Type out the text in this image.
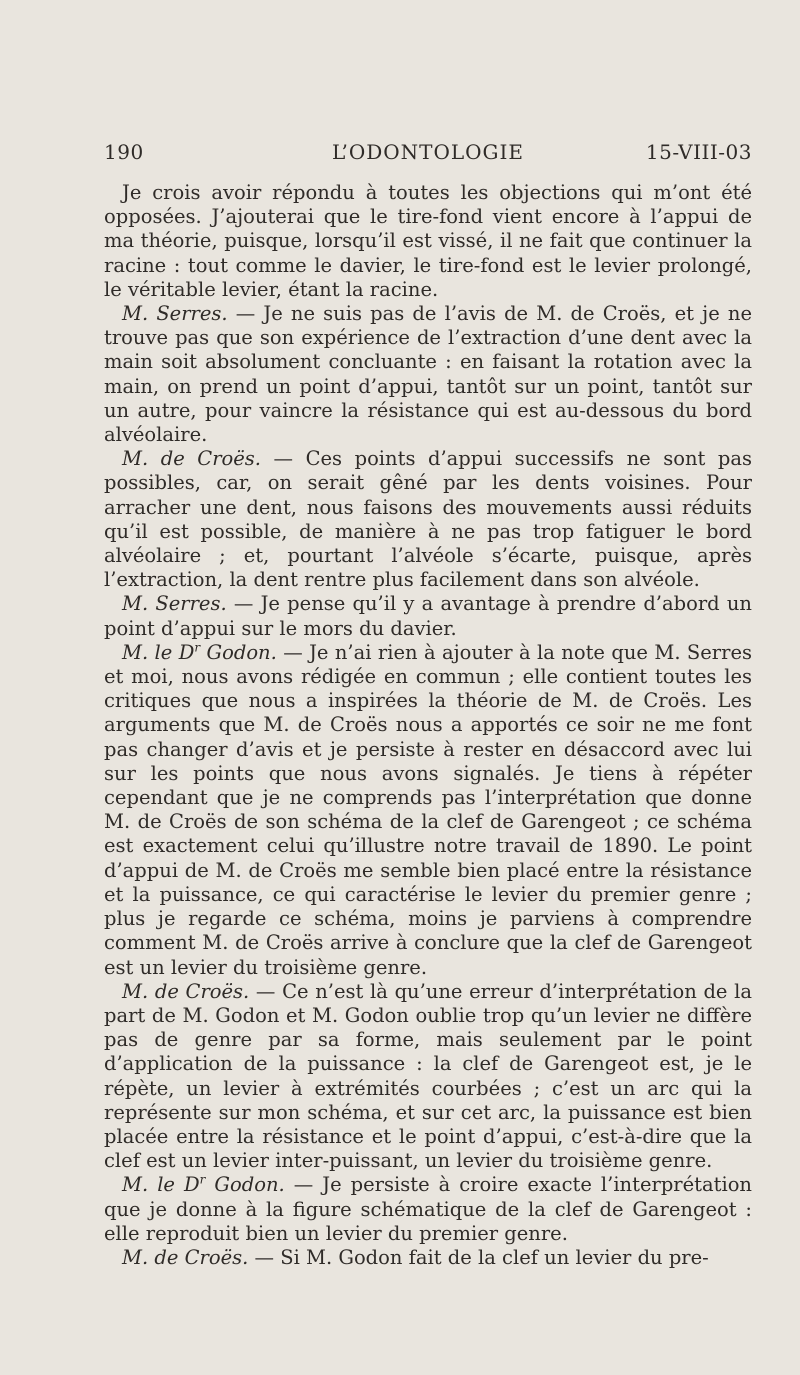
190	L’ODONTOLOGIE	15-VIII-03

Je crois avoir répondu à toutes les objections qui m’ont été opposées. J’ajouterai que le tire-fond vient encore à l’appui de ma théorie, puisque, lorsqu’il est vissé, il ne fait que continuer la racine : tout comme le davier, le tire-fond est le levier prolongé, le véritable levier, étant la racine.

M. Serres. — Je ne suis pas de l’avis de M. de Croës, et je ne trouve pas que son expérience de l’extraction d’une dent avec la main soit absolument concluante : en faisant la rotation avec la main, on prend un point d’appui, tantôt sur un point, tantôt sur un autre, pour vaincre la résistance qui est au-dessous du bord alvéolaire.

M. de Croës. — Ces points d’appui successifs ne sont pas possibles, car, on serait gêné par les dents voisines. Pour arracher une dent, nous faisons des mouvements aussi réduits qu’il est possible, de manière à ne pas trop fatiguer le bord alvéolaire ; et, pourtant l’alvéole s’écarte, puisque, après l’extraction, la dent rentre plus facilement dans son alvéole.

M. Serres. — Je pense qu’il y a avantage à prendre d’abord un point d’appui sur le mors du davier.

M. le $D^r$ Godon. — Je n’ai rien à ajouter à la note que M. Serres et moi, nous avons rédigée en commun ; elle contient toutes les critiques que nous a inspirées la théorie de M. de Croës. Les arguments que M. de Croës nous a apportés ce soir ne me font pas changer d’avis et je persiste à rester en désaccord avec lui sur les points que nous avons signalés. Je tiens à répéter cependant que je ne comprends pas l’interprétation que donne M. de Croës de son schéma de la clef de Garengeot ; ce schéma est exactement celui qu’illustre notre travail de 1890. Le point d’appui de M. de Croës me semble bien placé entre la résistance et la puissance, ce qui caractérise le levier du premier genre ; plus je regarde ce schéma, moins je parviens à comprendre comment M. de Croës arrive à conclure que la clef de Garengeot est un levier du troisième genre.

M. de Croës. — Ce n’est là qu’une erreur d’interprétation de la part de M. Godon et M. Godon oublie trop qu’un levier ne diffère pas de genre par sa forme, mais seulement par le point d’application de la puissance : la clef de Garengeot est, je le répète, un levier à extrémités courbées ; c’est un arc qui la représente sur mon schéma, et sur cet arc, la puissance est bien placée entre la résistance et le point d’appui, c’est-à-dire que la clef est un levier inter-puissant, un levier du troisième genre.

M. le $D^r$ Godon. — Je persiste à croire exacte l’interprétation que je donne à la figure schématique de la clef de Garengeot : elle reproduit bien un levier du premier genre.

M. de Croës. — Si M. Godon fait de la clef un levier du pre-
